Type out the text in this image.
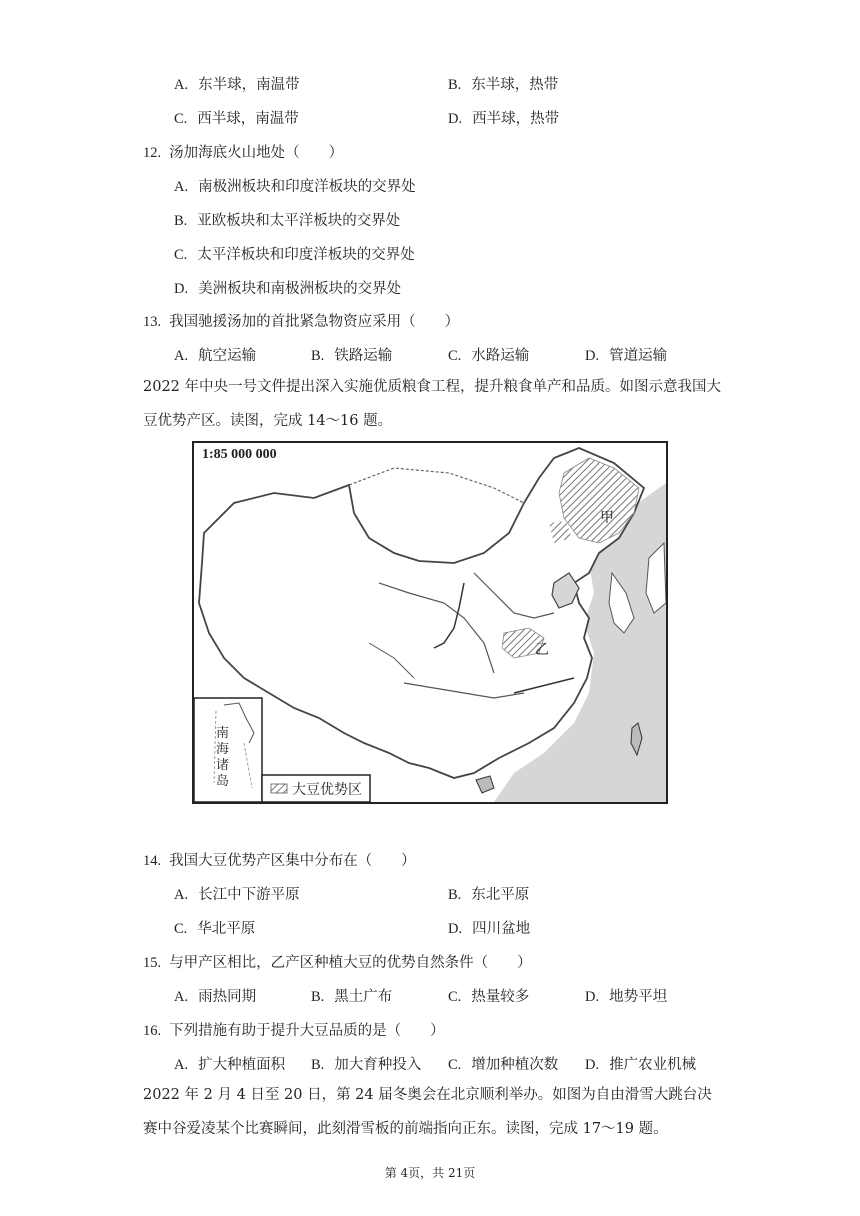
A. 东半球，南温带	B. 东半球，热带
C. 西半球，南温带	D. 西半球，热带
12. 汤加海底火山地处（　　）
A. 南极洲板块和印度洋板块的交界处
B. 亚欧板块和太平洋板块的交界处
C. 太平洋板块和印度洋板块的交界处
D. 美洲板块和南极洲板块的交界处
13. 我国驰援汤加的首批紧急物资应采用（　　）
A. 航空运输	B. 铁路运输	C. 水路运输	D. 管道运输
2022 年中央一号文件提出深入实施优质粮食工程，提升粮食单产和品质。如图示意我国大豆优势产区。读图，完成 14～16 题。
1:85 000 000
甲
乙
南海诸岛
大豆优势区
14. 我国大豆优势产区集中分布在（　　）
A. 长江中下游平原	B. 东北平原
C. 华北平原	D. 四川盆地
15. 与甲产区相比，乙产区种植大豆的优势自然条件（　　）
A. 雨热同期	B. 黑土广布	C. 热量较多	D. 地势平坦
16. 下列措施有助于提升大豆品质的是（　　）
A. 扩大种植面积 B. 加大育种投入 C. 增加种植次数 D. 推广农业机械
2022 年 2 月 4 日至 20 日，第 24 届冬奥会在北京顺利举办。如图为自由滑雪大跳台决赛中谷爱凌某个比赛瞬间，此刻滑雪板的前端指向正东。读图，完成 17～19 题。
第 4页，共 21页
